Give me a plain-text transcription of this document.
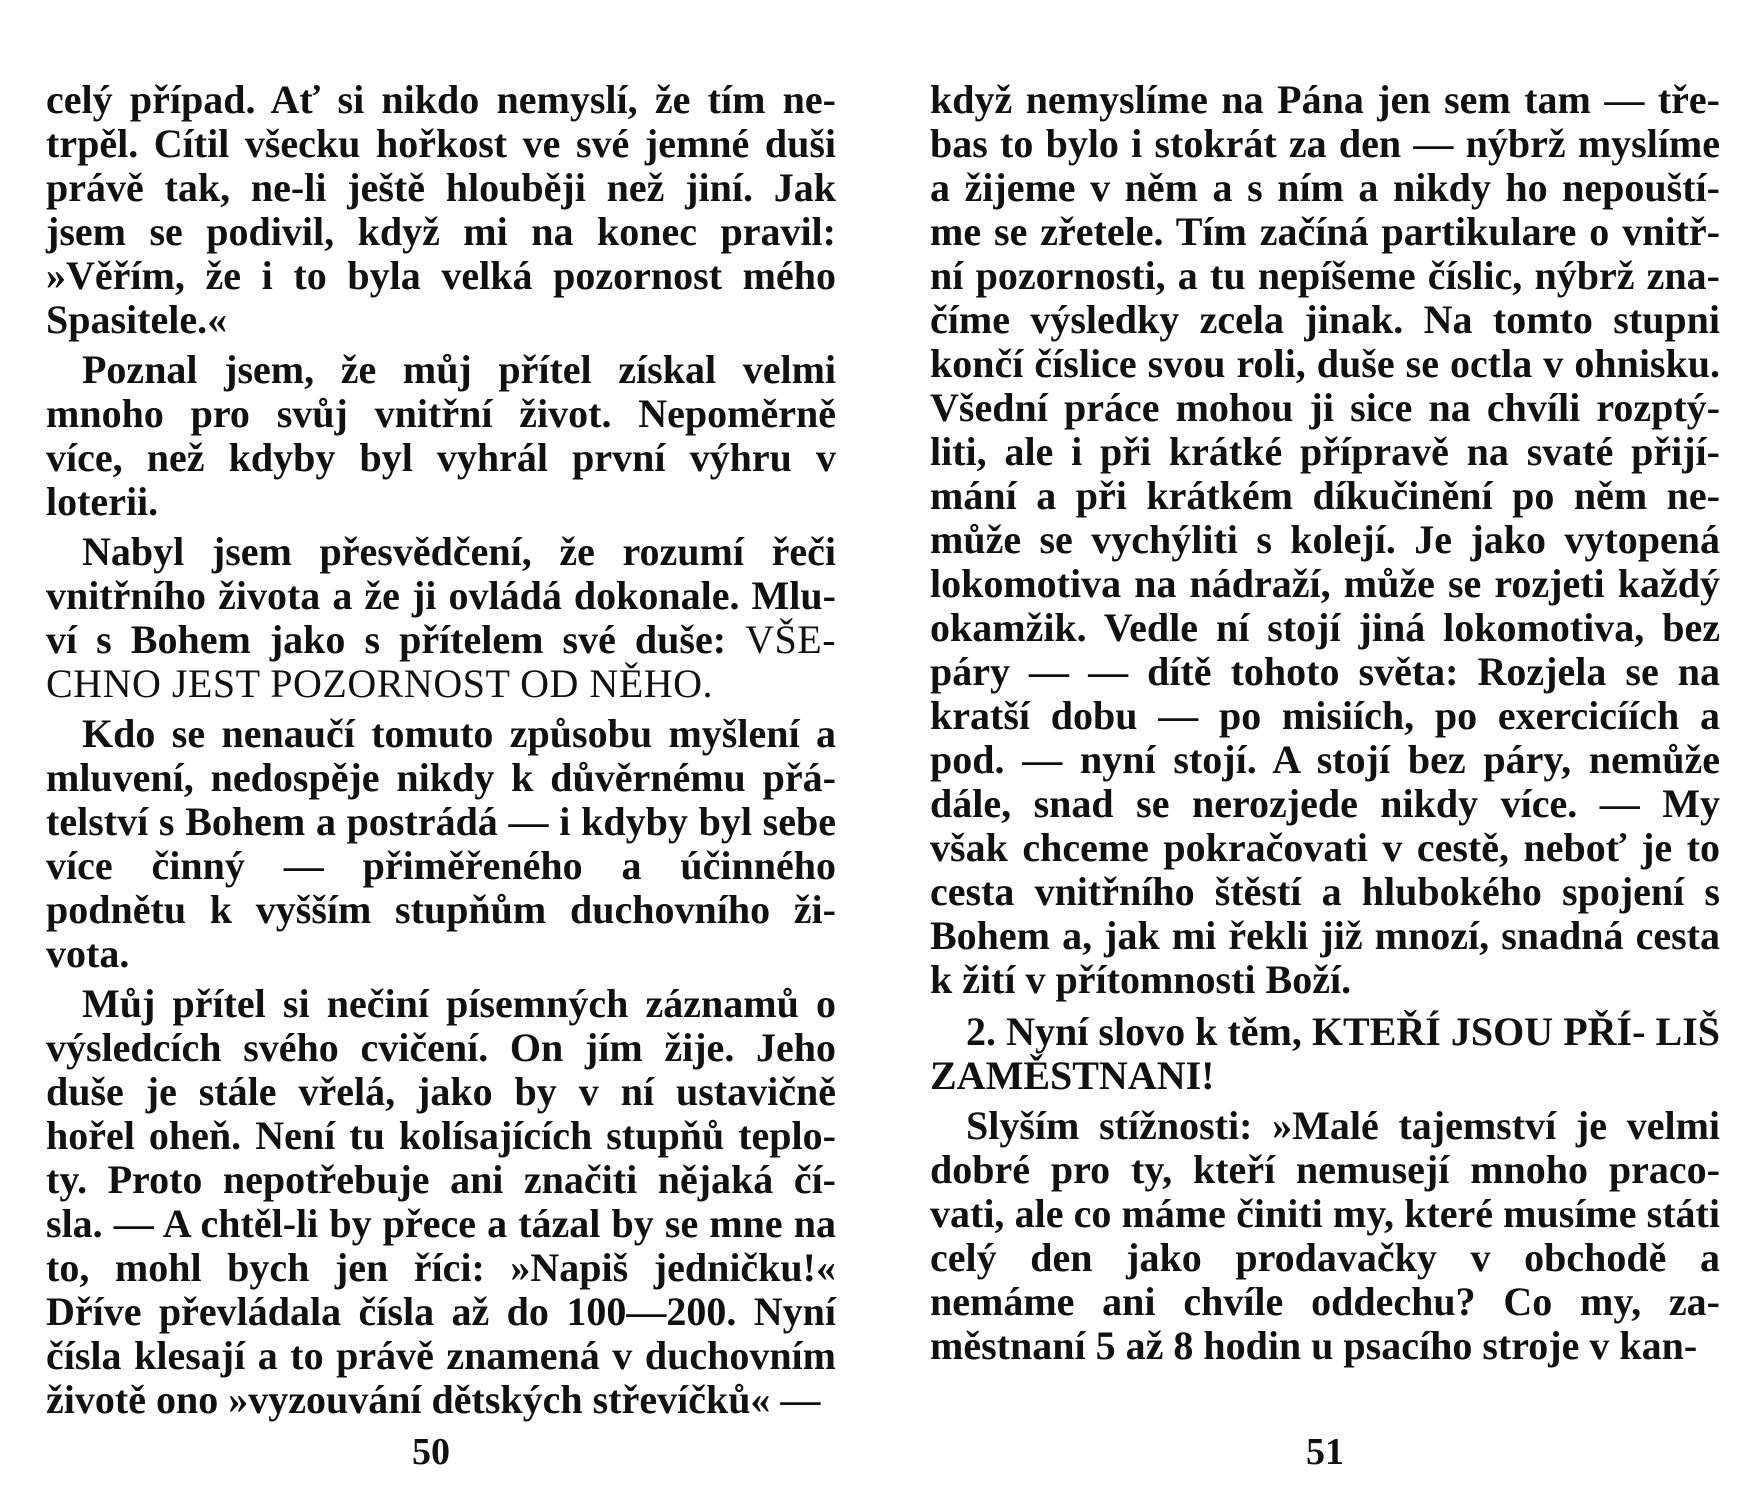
celý případ. Ať si nikdo nemyslí, že tím ne- trpěl. Cítil všecku hořkost ve své jemné duši právě tak, ne-li ještě hlouběji než jiní. Jak jsem se podivil, když mi na konec pravil: »Věřím, že i to byla velká pozornost mého Spasitele.«

Poznal jsem, že můj přítel získal velmi mnoho pro svůj vnitřní život. Nepoměrně více, než kdyby byl vyhrál první výhru v loterii.

Nabyl jsem přesvědčení, že rozumí řeči vnitřního života a že ji ovládá dokonale. Mlu- ví s Bohem jako s přítelem své duše: VŠE- CHNO JEST POZORNOST OD NĚHO.

Kdo se nenaučí tomuto způsobu myšlení a mluvení, nedospěje nikdy k důvěrnému přá- telství s Bohem a postrádá — i kdyby byl sebe více činný — přiměřeného a účinného podnětu k vyšším stupňům duchovního ži- vota.

Můj přítel si nečiní písemných záznamů o výsledcích svého cvičení. On jím žije. Jeho duše je stále vřelá, jako by v ní ustavičně hořel oheň. Není tu kolísajících stupňů teplo- ty. Proto nepotřebuje ani značiti nějaká čí- sla. — A chtěl-li by přece a tázal by se mne na to, mohl bych jen říci: »Napiš jedničku!« Dříve převládala čísla až do 100—200. Nyní čísla klesají a to právě znamená v duchovním životě ono »vyzouvání dětských střevíčků« —

50

když nemyslíme na Pána jen sem tam — tře- bas to bylo i stokrát za den — nýbrž myslíme a žijeme v něm a s ním a nikdy ho nepouští- me se zřetele. Tím začíná partikulare o vnitř- ní pozornosti, a tu nepíšeme číslic, nýbrž zna- číme výsledky zcela jinak. Na tomto stupni končí číslice svou roli, duše se octla v ohnisku. Všední práce mohou ji sice na chvíli rozptý- liti, ale i při krátké přípravě na svaté přijí- mání a při krátkém díkučinění po něm ne- může se vychýliti s kolejí. Je jako vytopená lokomotiva na nádraží, může se rozjeti každý okamžik. Vedle ní stojí jiná lokomotiva, bez páry — — dítě tohoto světa: Rozjela se na kratší dobu — po misiích, po exercicíích a pod. — nyní stojí. A stojí bez páry, nemůže dále, snad se nerozjede nikdy více. — My však chceme pokračovati v cestě, neboť je to cesta vnitřního štěstí a hlubokého spojení s Bohem a, jak mi řekli již mnozí, snadná cesta k žití v přítomnosti Boží.

2. Nyní slovo k těm, KTEŘÍ JSOU PŘÍ- LIŠ ZAMĚSTNANI!

Slyším stížnosti: »Malé tajemství je velmi dobré pro ty, kteří nemusejí mnoho praco- vati, ale co máme činiti my, které musíme státi celý den jako prodavačky v obchodě a nemáme ani chvíle oddechu? Co my, za- městnaní 5 až 8 hodin u psacího stroje v kan-

51
